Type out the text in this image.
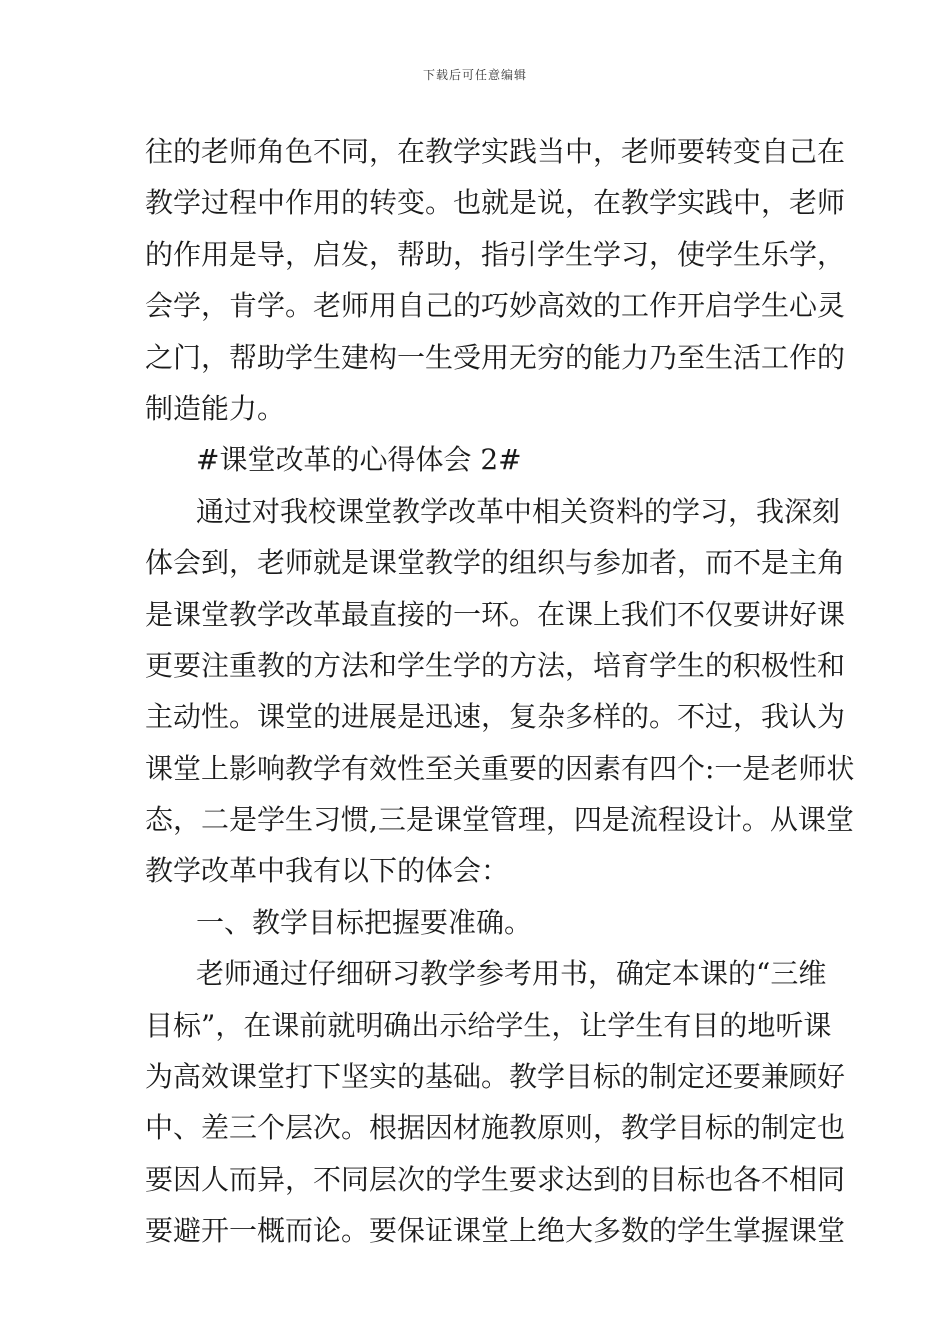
下载后可任意编辑
往的老师角色不同，在教学实践当中，老师要转变自己在
教学过程中作用的转变。也就是说，在教学实践中，老师
的作用是导，启发，帮助，指引学生学习，使学生乐学，
会学，肯学。老师用自己的巧妙高效的工作开启学生心灵
之门，帮助学生建构一生受用无穷的能力乃至生活工作的
制造能力。
#课堂改革的心得体会 2#
通过对我校课堂教学改革中相关资料的学习，我深刻
体会到，老师就是课堂教学的组织与参加者，而不是主角
是课堂教学改革最直接的一环。在课上我们不仅要讲好课
更要注重教的方法和学生学的方法，培育学生的积极性和
主动性。课堂的进展是迅速，复杂多样的。不过，我认为
课堂上影响教学有效性至关重要的因素有四个:一是老师状
态，二是学生习惯,三是课堂管理，四是流程设计。从课堂
教学改革中我有以下的体会：
一、教学目标把握要准确。
老师通过仔细研习教学参考用书，确定本课的“三维
目标”，在课前就明确出示给学生，让学生有目的地听课
为高效课堂打下坚实的基础。教学目标的制定还要兼顾好
中、差三个层次。根据因材施教原则，教学目标的制定也
要因人而异，不同层次的学生要求达到的目标也各不相同
要避开一概而论。要保证课堂上绝大多数的学生掌握课堂
